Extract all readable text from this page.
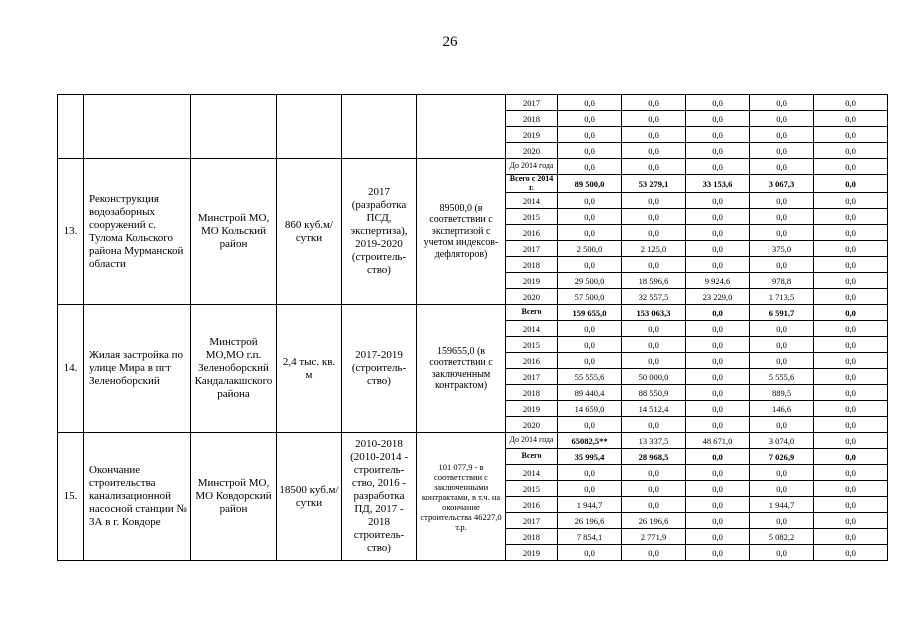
26
						2017	0,0	0,0	0,0	0,0	0,0
						2018	0,0	0,0	0,0	0,0	0,0
						2019	0,0	0,0	0,0	0,0	0,0
						2020	0,0	0,0	0,0	0,0	0,0
13.	Реконструкция водозаборных сооружений с. Тулома Кольского района Мурманской области	Минстрой МО, МО Кольский район	860 куб.м/сутки	2017 (разработка ПСД, экспертиза), 2019-2020 (строитель-ство)	89500,0 (в соответствии с экспертизой с учетом индексов-дефляторов)	До 2014 года	0,0	0,0	0,0	0,0	0,0
						Всего с 2014 г.	89 500,0	53 279,1	33 153,6	3 067,3	0,0
						2014	0,0	0,0	0,0	0,0	0,0
						2015	0,0	0,0	0,0	0,0	0,0
						2016	0,0	0,0	0,0	0,0	0,0
						2017	2 500,0	2 125,0	0,0	375,0	0,0
						2018	0,0	0,0	0,0	0,0	0,0
						2019	29 500,0	18 596,6	9 924,6	978,8	0,0
						2020	57 500,0	32 557,5	23 229,0	1 713,5	0,0
14.	Жилая застройка по улице Мира в пгт Зеленоборский	Минстрой МО,МО г.п. Зеленоборский Кандалакшского района	2,4 тыс. кв. м	2017-2019 (строитель-ство)	159655,0 (в соответствии с заключенным контрактом)	Всего	159 655,0	153 063,3	0,0	6 591,7	0,0
						2014	0,0	0,0	0,0	0,0	0,0
						2015	0,0	0,0	0,0	0,0	0,0
						2016	0,0	0,0	0,0	0,0	0,0
						2017	55 555,6	50 000,0	0,0	5 555,6	0,0
						2018	89 440,4	88 550,9	0,0	889,5	0,0
						2019	14 659,0	14 512,4	0,0	146,6	0,0
						2020	0,0	0,0	0,0	0,0	0,0
15.	Окончание строительства канализационной насосной станции № 3А в г. Ковдоре	Минстрой МО, МО Ковдорский район	18500 куб.м/сутки	2010-2018 (2010-2014 - строитель-ство, 2016 - разработка ПД, 2017 - 2018 строитель-ство)	101 077,9 - в соответствии с заключенными контрактами, в т.ч. на окончание строительства 46227,0 т.р.	До 2014 года	65082,5**	13 337,5	48 671,0	3 074,0	0,0
						Всего	35 995,4	28 968,5	0,0	7 026,9	0,0
						2014	0,0	0,0	0,0	0,0	0,0
						2015	0,0	0,0	0,0	0,0	0,0
						2016	1 944,7	0,0	0,0	1 944,7	0,0
						2017	26 196,6	26 196,6	0,0	0,0	0,0
						2018	7 854,1	2 771,9	0,0	5 082,2	0,0
						2019	0,0	0,0	0,0	0,0	0,0
